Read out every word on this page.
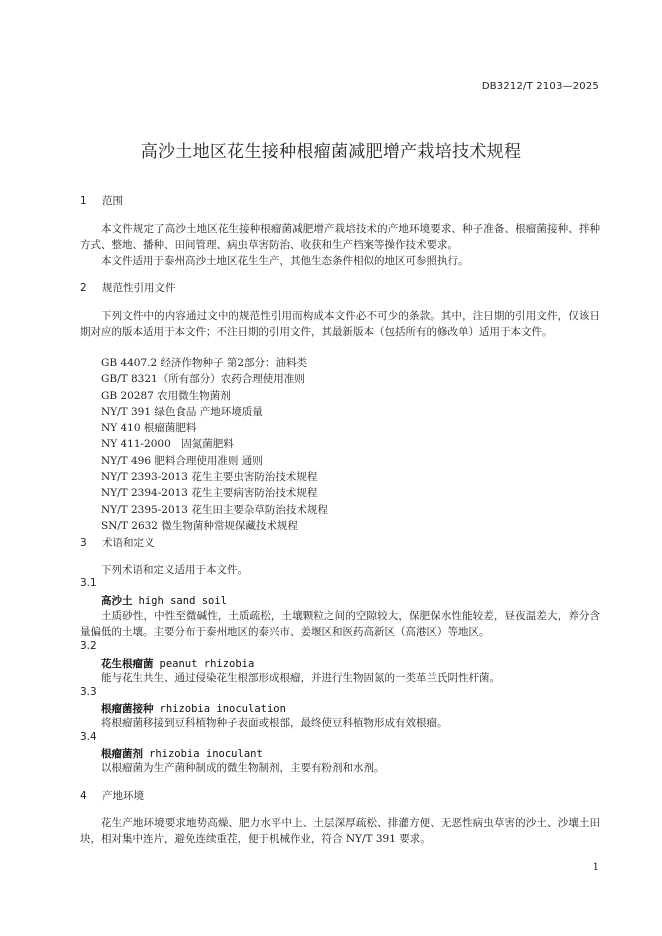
DB3212/T 2103—2025
高沙土地区花生接种根瘤菌减肥增产栽培技术规程
1 范围
本文件规定了高沙土地区花生接种根瘤菌减肥增产栽培技术的产地环境要求、种子准备、根瘤菌接种、拌种方式、整地、播种、田间管理、病虫草害防治、收获和生产档案等操作技术要求。
本文件适用于泰州高沙土地区花生生产，其他生态条件相似的地区可参照执行。
2 规范性引用文件
下列文件中的内容通过文中的规范性引用而构成本文件必不可少的条款。其中，注日期的引用文件，仅该日期对应的版本适用于本文件；不注日期的引用文件，其最新版本（包括所有的修改单）适用于本文件。
GB 4407.2 经济作物种子 第2部分：油料类
GB/T 8321（所有部分）农药合理使用准则
GB 20287 农用微生物菌剂
NY/T 391 绿色食品 产地环境质量
NY 410 根瘤菌肥料
NY 411-2000　固氮菌肥料
NY/T 496 肥料合理使用准则 通则
NY/T 2393-2013 花生主要虫害防治技术规程
NY/T 2394-2013 花生主要病害防治技术规程
NY/T 2395-2013 花生田主要杂草防治技术规程
SN/T 2632 微生物菌种常规保藏技术规程
3 术语和定义
下列术语和定义适用于本文件。
3.1
高沙土 high sand soil
土质砂性，中性至微碱性，土质疏松，土壤颗粒之间的空隙较大，保肥保水性能较差，昼夜温差大，养分含量偏低的土壤。主要分布于泰州地区的泰兴市、姜堰区和医药高新区（高港区）等地区。
3.2
花生根瘤菌 peanut rhizobia
能与花生共生、通过侵染花生根部形成根瘤，并进行生物固氮的一类革兰氏阴性杆菌。
3.3
根瘤菌接种 rhizobia inoculation
将根瘤菌移接到豆科植物种子表面或根部，最终使豆科植物形成有效根瘤。
3.4
根瘤菌剂 rhizobia inoculant
以根瘤菌为生产菌种制成的微生物制剂，主要有粉剂和水剂。
4 产地环境
花生产地环境要求地势高燥、肥力水平中上、土层深厚疏松、排灌方便、无恶性病虫草害的沙土、沙壤土田块，相对集中连片，避免连续重茬，便于机械作业，符合 NY/T 391 要求。
1
